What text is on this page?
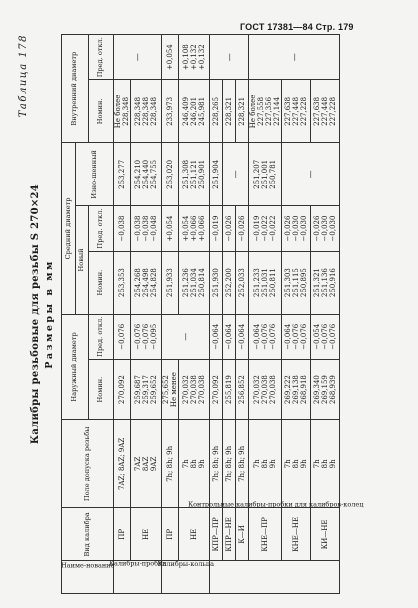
ГОСТ 17381—84 Стр. 179
Таблица 178
Калибры резьбовые для резьбы S 270×24 Размеры в мм
Наиме-нование	Вид калибра	Поле допуска резьбы	Наружный диаметр		Средний диаметр			Внутренний диаметр	
					Новый		Изно-шенный		
			Номин.	Пред. откл.	Номин.	Пред. откл.		Номин.	Пред. откл.
Калибры-пробки	ПР	7AZ; 8AZ; 9AZ	270,092	−0,076	253,353	−0,038	253,277	Не более 228,348	—
	НЕ	7AZ 8AZ 9AZ	259,687 259,317 259,652	−0,076 −0,076 −0,095	254,268 254,498 254,828	−0,038 −0,038 −0,048	254,210 254,440 254,755	228,348 228,348 228,348	

Калибры-кольца	ПР	7h; 8h; 9h	275,652 Не менее	—	251,933	+0,054	253,020	233,973	+0,054
	НЕ	7h 8h 9h	270,032 270,038 270,038		251,236 251,034 250,814	+0,054 +0,066 +0,066	251,308 251,121 250,901	246,409 246,201 245,981	+0,108 +0,132 +0,132

Контрольные калибры-пробки для калибров-колец	КПР—ПР	7h; 8h; 9h	270,092	−0,064	251,930	−0,019	251,904	228,265	—
	КПР—НЕ	7h; 8h; 9h	255,819	−0,064	252,200	−0,026	—	228,321	
	К—И	7h; 8h; 9h	256,852	−0,064	252,033	−0,026		228,321	
	КНЕ—ПР	7h 8h 9h	270,032 270,038 270,038	−0,064 −0,076 −0,076	251,233 251,031 250,811	−0,019 −0,022 −0,022	251,207 251,001 250,781	Не более 227,558 227,356 227,144	—
	КНЕ—НЕ	7h 8h 9h	269,222 269,138 268,918	−0,064 −0,076 −0,076	251,303 251,115 250,895	−0,026 −0,030 −0,030	—	227,638 227,448 227,228	

	КИ—НЕ	7h 8h 9h	269,340 269,159 268,939	−0,054 −0,076 −0,076	251,321 251,136 250,916	−0,026 −0,030 −0,030		227,638 227,448 227,228	
